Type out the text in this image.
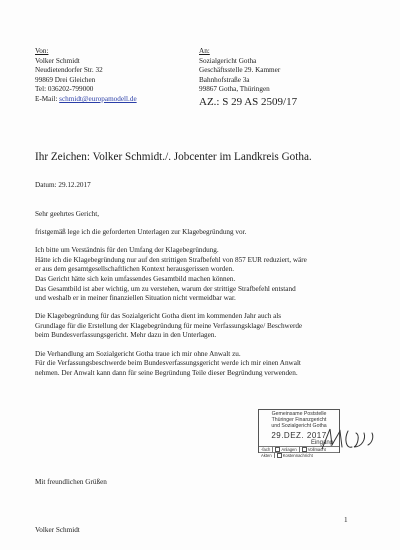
Von:
Volker Schmidt
Neudietendorfer Str. 32
99869 Drei Gleichen
Tel: 036202-799000
E-Mail: schmidt@europamodell.de
An:
Sozialgericht Gotha
Geschäftsstelle 29. Kammer
Bahnhofstraße 3a
99867 Gotha, Thüringen
AZ.: S 29 AS 2509/17
Ihr Zeichen: Volker Schmidt./. Jobcenter im Landkreis Gotha.
Datum: 29.12.2017

Sehr geehrtes Gericht,

fristgemäß lege ich die geforderten Unterlagen zur Klagebegründung vor.

Ich bitte um Verständnis für den Umfang der Klagebegründung.
Hätte ich die Klagebegründung nur auf den strittigen Strafbefehl von 857 EUR reduziert, wäre
er aus dem gesamtgesellschaftlichen Kontext herausgerissen worden.
Das Gericht hätte sich kein umfassendes Gesamtbild machen können.
Das Gesamtbild ist aber wichtig, um zu verstehen, warum der strittige Strafbefehl entstand
und weshalb er in meiner finanziellen Situation nicht vermeidbar war.

Die Klagebegründung für das Sozialgericht Gotha dient im kommenden Jahr auch als
Grundlage für die Erstellung der Klagebegründung für meine Verfassungsklage/ Beschwerde
beim Bundesverfassungsgericht. Mehr dazu in den Unterlagen.

Die Verhandlung am Sozialgericht Gotha traue ich mir ohne Anwalt zu.
Für die Verfassungsbeschwerde beim Bundesverfassungsgericht werde ich mir einen Anwalt
nehmen. Der Anwalt kann dann für seine Begründung Teile dieser Begründung verwenden.

Gemeinsame Poststelle
Thüringer Finanzgericht
und Sozialgericht Gotha
29.DEZ. 2017
Eingang
-fach	Anlagen	Vollmacht
Akten	Kostennachricht
Mit freundlichen Grüßen
1
Volker Schmidt
